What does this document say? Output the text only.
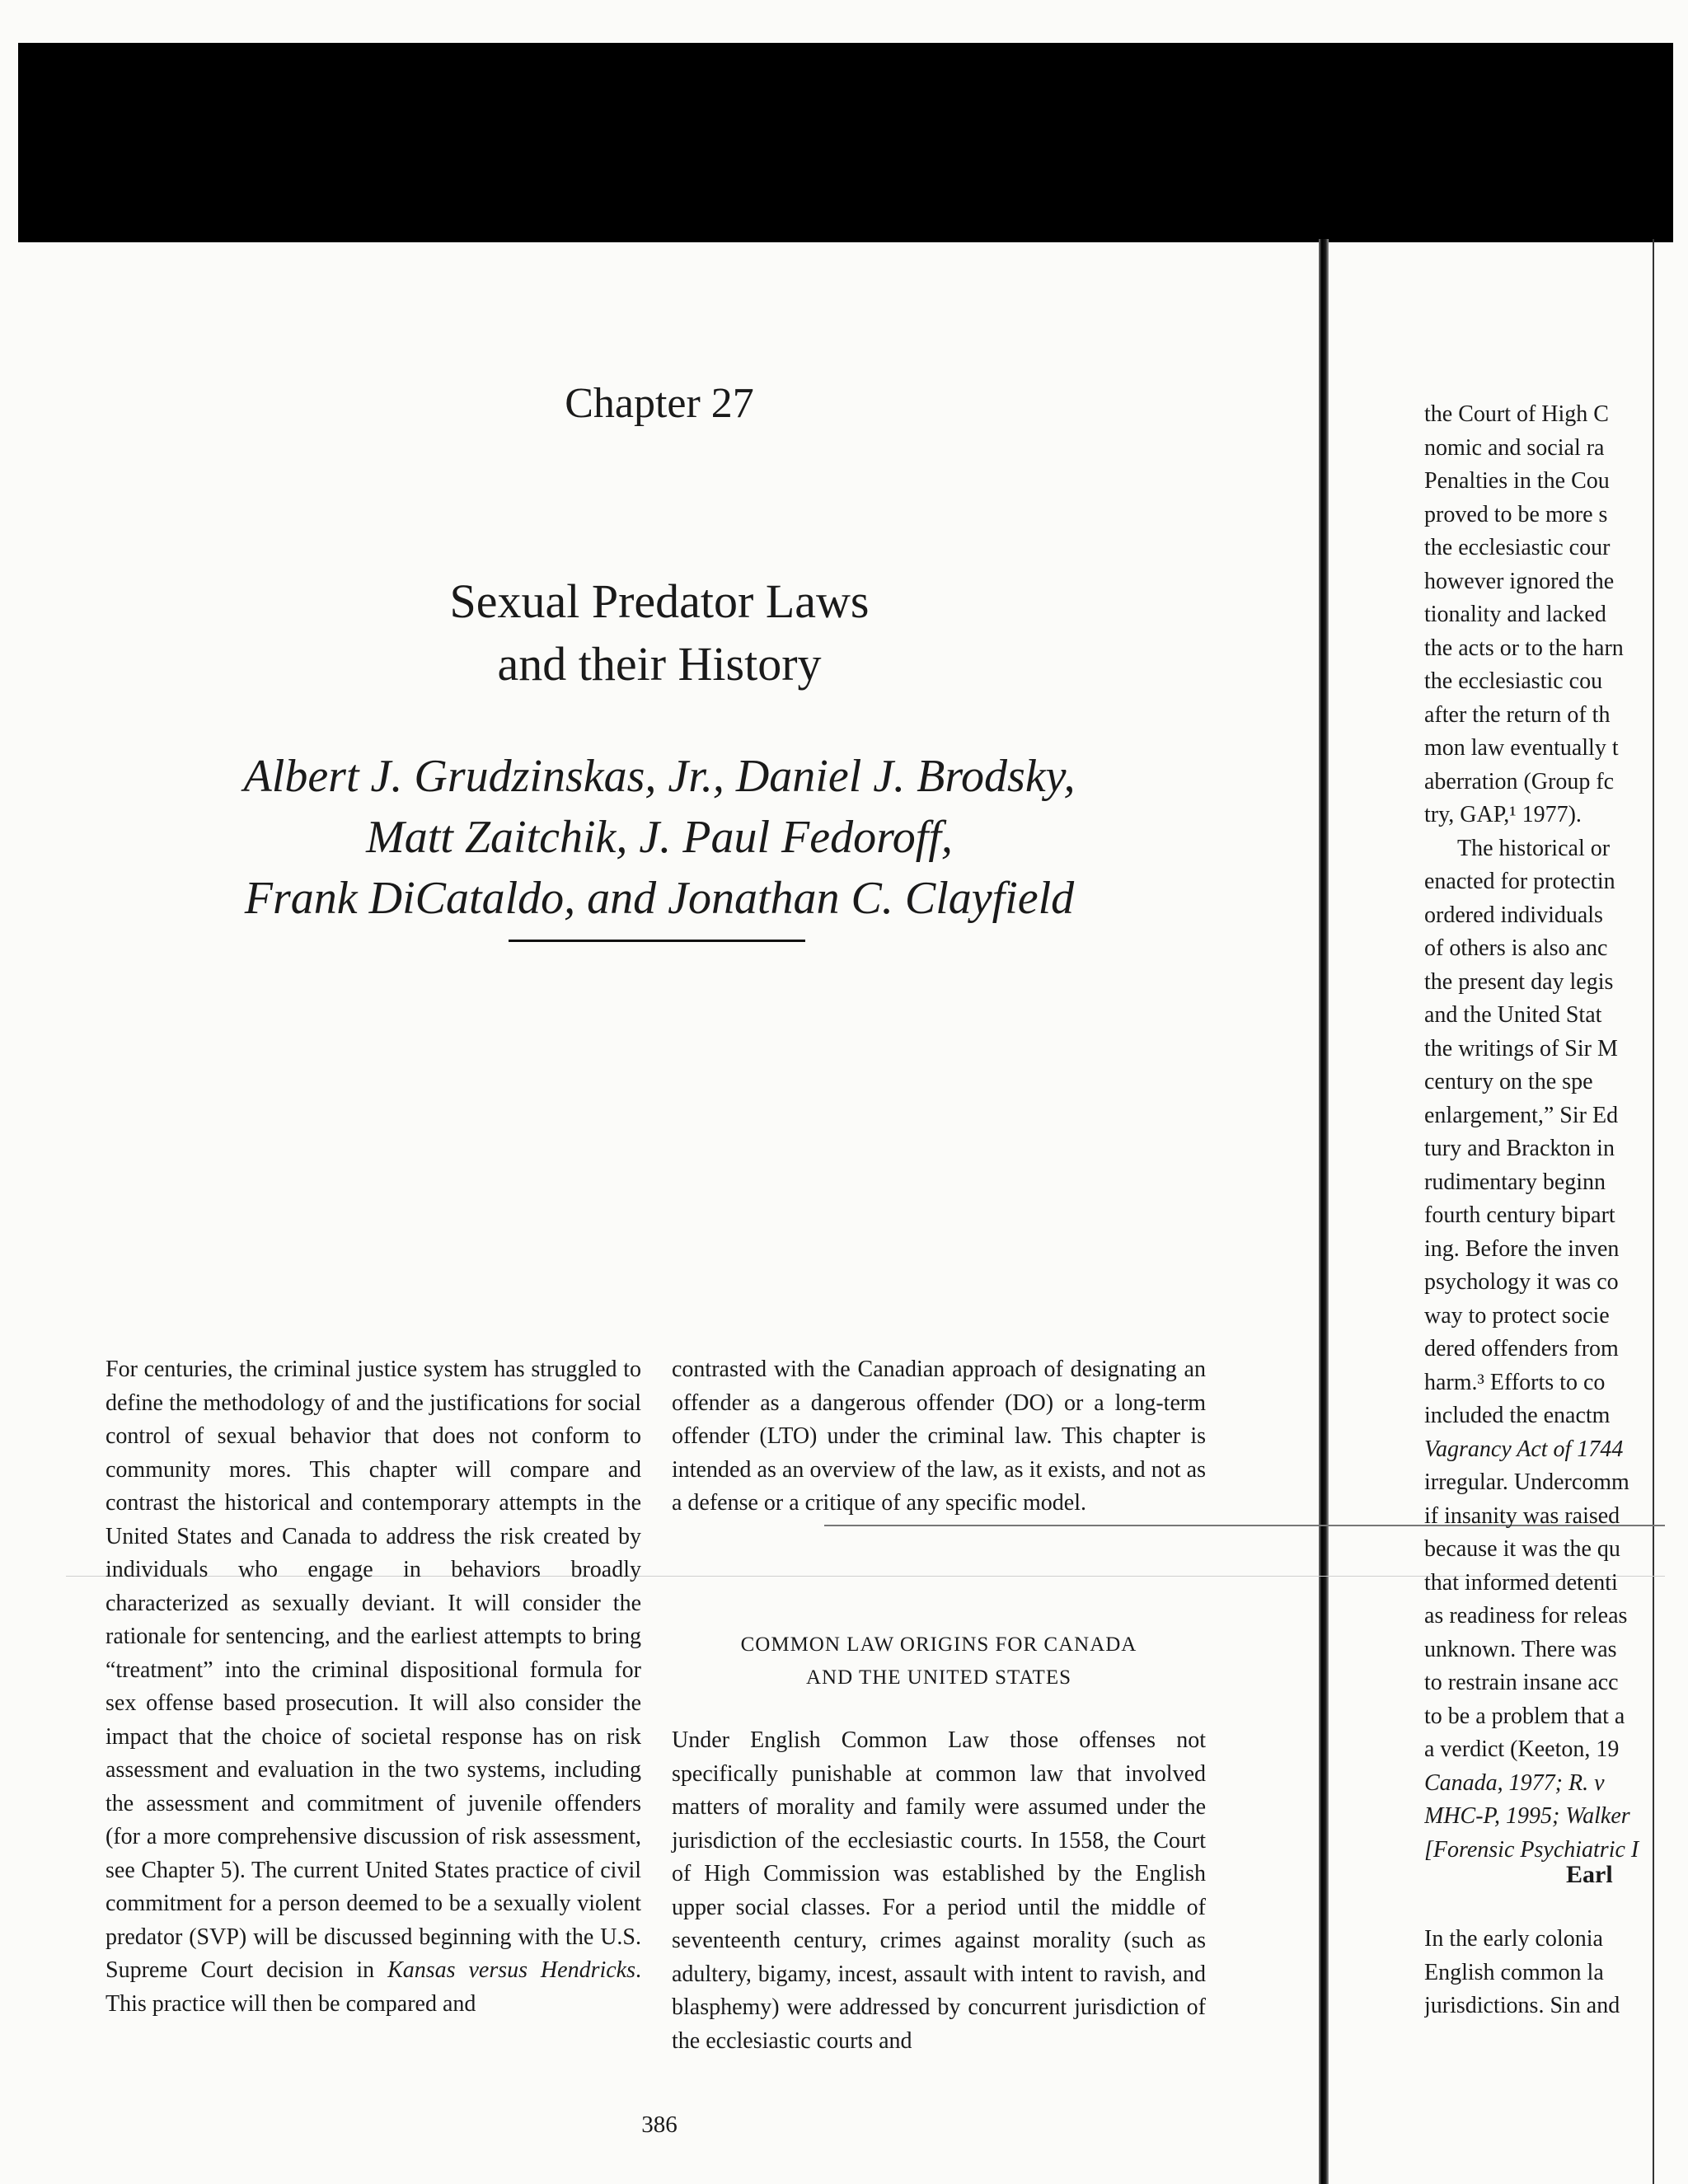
Chapter 27
Sexual Predator Laws
and their History
Albert J. Grudzinskas, Jr., Daniel J. Brodsky,
Matt Zaitchik, J. Paul Fedoroff,
Frank DiCataldo, and Jonathan C. Clayfield

For centuries, the criminal justice system has struggled to define the methodology of and the justifications for social control of sexual behavior that does not conform to community mores. This chapter will compare and contrast the historical and contemporary attempts in the United States and Canada to address the risk created by individuals who engage in behaviors broadly characterized as sexually deviant. It will consider the rationale for sentencing, and the earliest attempts to bring “treatment” into the criminal dispositional formula for sex offense based prosecution. It will also consider the impact that the choice of societal response has on risk assessment and evaluation in the two systems, including the assessment and commitment of juvenile offenders (for a more comprehensive discussion of risk assessment, see Chapter 5). The current United States practice of civil commitment for a person deemed to be a sexually violent predator (SVP) will be discussed beginning with the U.S. Supreme Court decision in Kansas versus Hendricks. This practice will then be compared and

contrasted with the Canadian approach of designating an offender as a dangerous offender (DO) or a long-term offender (LTO) under the criminal law. This chapter is intended as an overview of the law, as it exists, and not as a defense or a critique of any specific model.

COMMON LAW ORIGINS FOR CANADA
AND THE UNITED STATES

Under English Common Law those offenses not specifically punishable at common law that involved matters of morality and family were assumed under the jurisdiction of the ecclesiastic courts. In 1558, the Court of High Commission was established by the English upper social classes. For a period until the middle of seventeenth century, crimes against morality (such as adultery, bigamy, incest, assault with intent to ravish, and blasphemy) were addressed by concurrent jurisdiction of the ecclesiastic courts and

the Court of High C
nomic and social ra
Penalties in the Cou
proved to be more s
the ecclesiastic cour
however ignored the
tionality and lacked
the acts or to the harn
the ecclesiastic cou
after the return of th
mon law eventually t
aberration (Group fc
try, GAP,¹ 1977).
The historical or
enacted for protectin
ordered individuals
of others is also anc
the present day legis
and the United Stat
the writings of Sir M
century on the spe
enlargement,” Sir Ed
tury and Brackton in
rudimentary beginn
fourth century bipart
ing. Before the inven
psychology it was co
way to protect socie
dered offenders from
harm.³ Efforts to co
included the enactm
Vagrancy Act of 1744
irregular. Undercomm
if insanity was raised
because it was the qu
that informed detenti
as readiness for releas
unknown. There was
to restrain insane acc
to be a problem that a
a verdict (Keeton, 19
Canada, 1977; R. v
MHC-P, 1995; Walker
[Forensic Psychiatric I
Earl
In the early colonia
English common la
jurisdictions. Sin and
386
